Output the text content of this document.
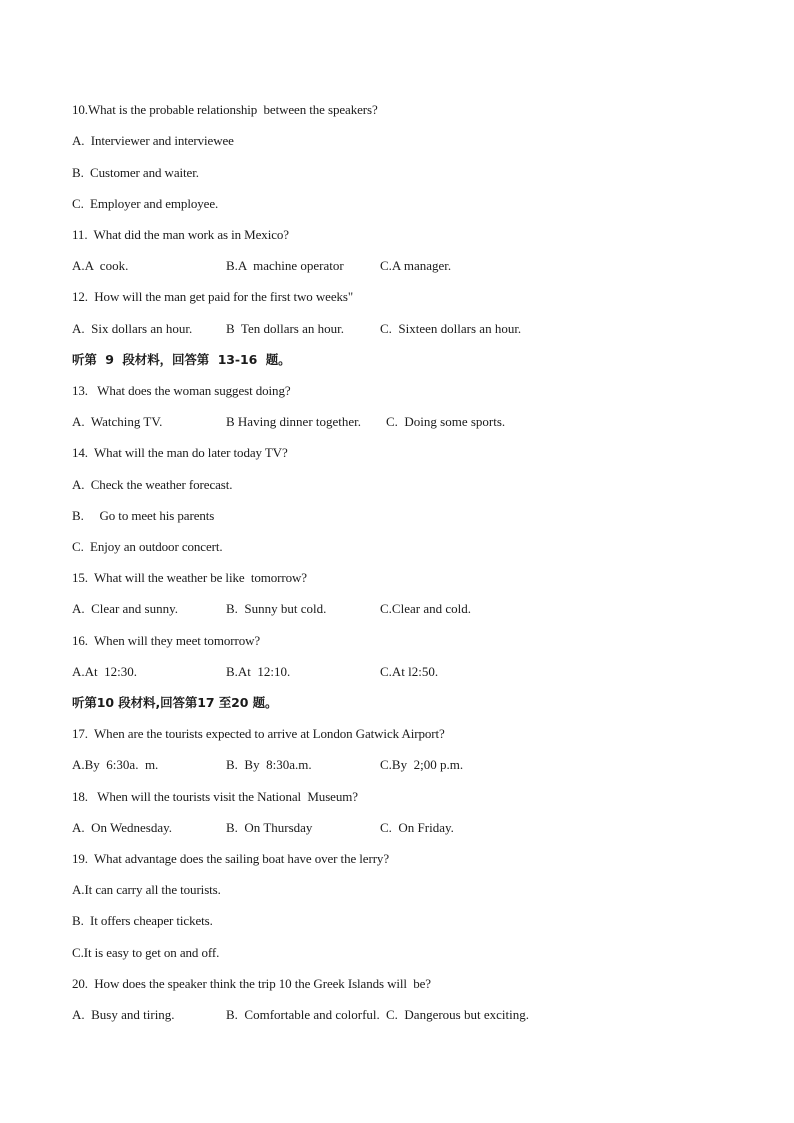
10.What is the probable relationship  between the speakers?
A.  Interviewer and interviewee
B.  Customer and waiter.
C.  Employer and employee.
11.  What did the man work as in Mexico?

A.A  cook.

	B.A  machine operator

	C.A manager.

12.  How will the man get paid for the first two weeks"

A.  Six dollars an hour.

	B  Ten dollars an hour.

	C.  Sixteen dollars an hour.

听第  9  段材料，回答第  13-16  题。
13.   What does the woman suggest doing?

A.  Watching TV.

	B Having dinner together.

C.  Doing some sports.

14.  What will the man do later today TV?
A.  Check the weather forecast.
B.     Go to meet his parents
C.  Enjoy an outdoor concert.
15.  What will the weather be like  tomorrow?

A.  Clear and sunny.

	B.  Sunny but cold.

	C.Clear and cold.

16.  When will they meet tomorrow?

A.At  12:30.

	B.At  12:10.

	C.At l2:50.

听第10 段材料,回答第17 至20 题。
17.  When are the tourists expected to arrive at London Gatwick Airport?

A.By  6:30a.  m.

	B.  By  8:30a.m.

	C.By  2;00 p.m.

18.   When will the tourists visit the National  Museum?

A.  On Wednesday.

	B.  On Thursday

	C.  On Friday.

19.  What advantage does the sailing boat have over the lerry?
A.It can carry all the tourists.
B.  It offers cheaper tickets.
C.It is easy to get on and off.
20.  How does the speaker think the trip 10 the Greek Islands will  be?

A.  Busy and tiring.

	B.  Comfortable and colorful.

C.  Dangerous but exciting.
